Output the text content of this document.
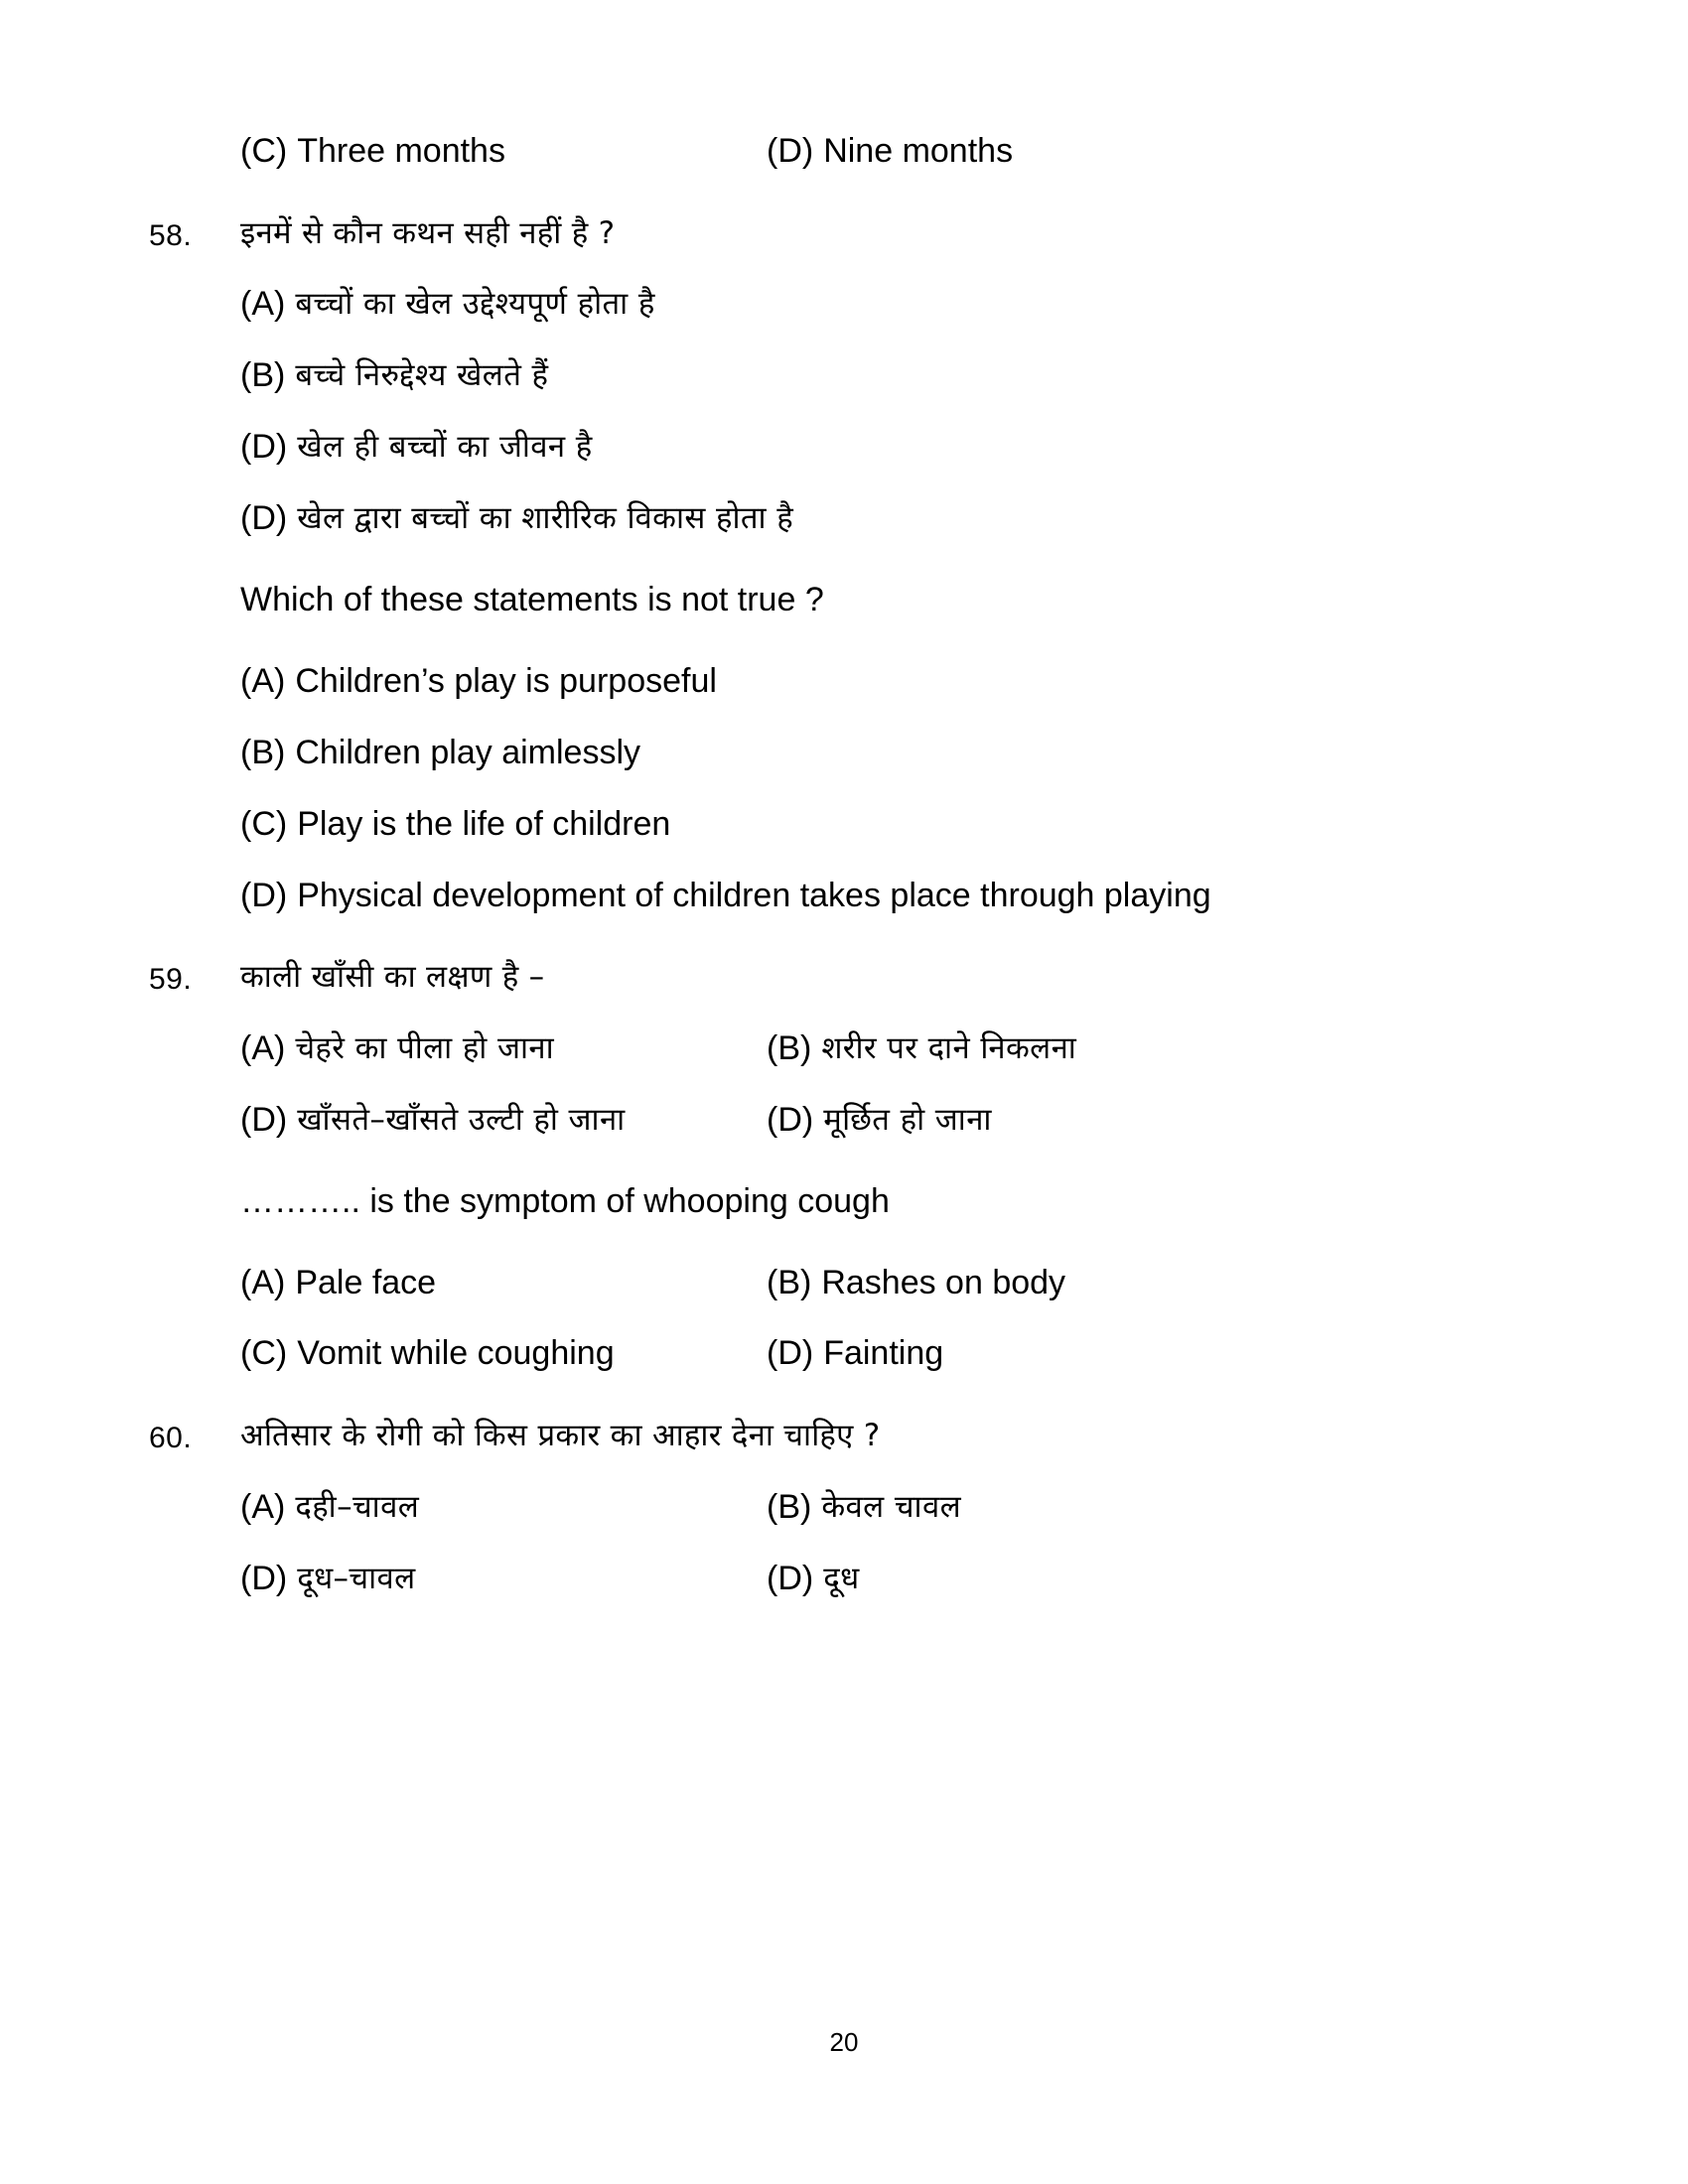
(C) Three months	(D) Nine months
58.	इनमें से कौन कथन सही नहीं है ?
(A) बच्चों का खेल उद्देश्यपूर्ण होता है
(B) बच्चे निरुद्देश्य खेलते हैं
(D) खेल ही बच्चों का जीवन है
(D) खेल द्वारा बच्चों का शारीरिक विकास होता है
Which of these statements is not true ?
(A) Children’s play is purposeful
(B) Children play aimlessly
(C) Play is the life of children
(D) Physical development of children takes place through playing
59.	काली खाँसी का लक्षण है –
(A) चेहरे का पीला हो जाना	(B) शरीर पर दाने निकलना
(D) खाँसते–खाँसते उल्टी हो जाना	(D) मूर्छित हो जाना
……….. is the symptom of whooping cough
(A) Pale face	(B) Rashes on body
(C) Vomit while coughing	(D) Fainting
60.	अतिसार के रोगी को किस प्रकार का आहार देना चाहिए ?
(A) दही–चावल	(B) केवल चावल
(D) दूध–चावल	(D) दूध
20
